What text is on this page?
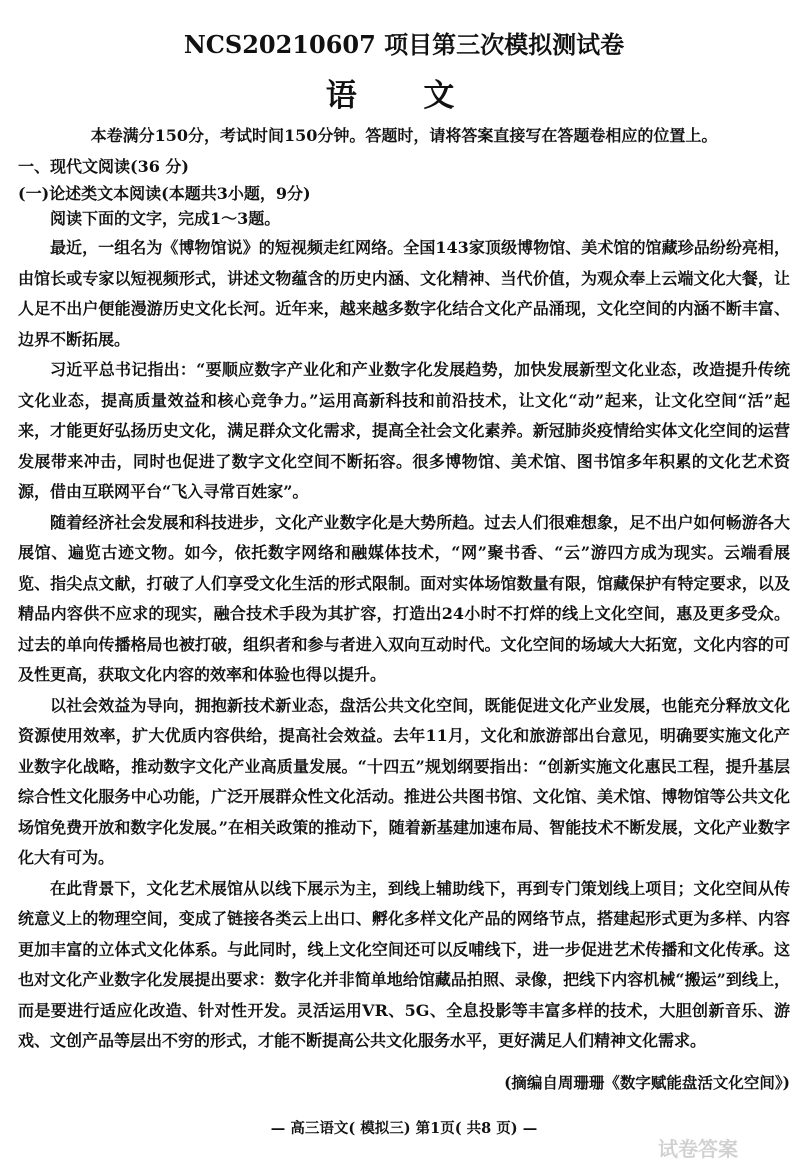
NCS20210607 项目第三次模拟测试卷
语 文
本卷满分150分，考试时间150分钟。答题时，请将答案直接写在答题卷相应的位置上。
一、现代文阅读(36 分)
(一)论述类文本阅读(本题共3小题，9分)
阅读下面的文字，完成1～3题。

最近，一组名为《博物馆说》的短视频走红网络。全国143家顶级博物馆、美术馆的馆藏珍品纷纷亮相，由馆长或专家以短视频形式，讲述文物蕴含的历史内涵、文化精神、当代价值，为观众奉上云端文化大餐，让人足不出户便能漫游历史文化长河。近年来，越来越多数字化结合文化产品涌现，文化空间的内涵不断丰富、边界不断拓展。

习近平总书记指出：“要顺应数字产业化和产业数字化发展趋势，加快发展新型文化业态，改造提升传统文化业态，提高质量效益和核心竞争力。”运用高新科技和前沿技术，让文化“动”起来，让文化空间“活”起来，才能更好弘扬历史文化，满足群众文化需求，提高全社会文化素养。新冠肺炎疫情给实体文化空间的运营发展带来冲击，同时也促进了数字文化空间不断拓容。很多博物馆、美术馆、图书馆多年积累的文化艺术资源，借由互联网平台“飞入寻常百姓家”。

随着经济社会发展和科技进步，文化产业数字化是大势所趋。过去人们很难想象，足不出户如何畅游各大展馆、遍览古迹文物。如今，依托数字网络和融媒体技术，“网”聚书香、“云”游四方成为现实。云端看展览、指尖点文献，打破了人们享受文化生活的形式限制。面对实体场馆数量有限，馆藏保护有特定要求，以及精品内容供不应求的现实，融合技术手段为其扩容，打造出24小时不打烊的线上文化空间，惠及更多受众。过去的单向传播格局也被打破，组织者和参与者进入双向互动时代。文化空间的场域大大拓宽，文化内容的可及性更高，获取文化内容的效率和体验也得以提升。

以社会效益为导向，拥抱新技术新业态，盘活公共文化空间，既能促进文化产业发展，也能充分释放文化资源使用效率，扩大优质内容供给，提高社会效益。去年11月，文化和旅游部出台意见，明确要实施文化产业数字化战略，推动数字文化产业高质量发展。“十四五”规划纲要指出：“创新实施文化惠民工程，提升基层综合性文化服务中心功能，广泛开展群众性文化活动。推进公共图书馆、文化馆、美术馆、博物馆等公共文化场馆免费开放和数字化发展。”在相关政策的推动下，随着新基建加速布局、智能技术不断发展，文化产业数字化大有可为。

在此背景下，文化艺术展馆从以线下展示为主，到线上辅助线下，再到专门策划线上项目；文化空间从传统意义上的物理空间，变成了链接各类云上出口、孵化多样文化产品的网络节点，搭建起形式更为多样、内容更加丰富的立体式文化体系。与此同时，线上文化空间还可以反哺线下，进一步促进艺术传播和文化传承。这也对文化产业数字化发展提出要求：数字化并非简单地给馆藏品拍照、录像，把线下内容机械“搬运”到线上，而是要进行适应化改造、针对性开发。灵活运用VR、5G、全息投影等丰富多样的技术，大胆创新音乐、游戏、文创产品等层出不穷的形式，才能不断提高公共文化服务水平，更好满足人们精神文化需求。

(摘编自周珊珊《数字赋能盘活文化空间》)
— 高三语文( 模拟三) 第1页( 共8 页) —
试卷答案
